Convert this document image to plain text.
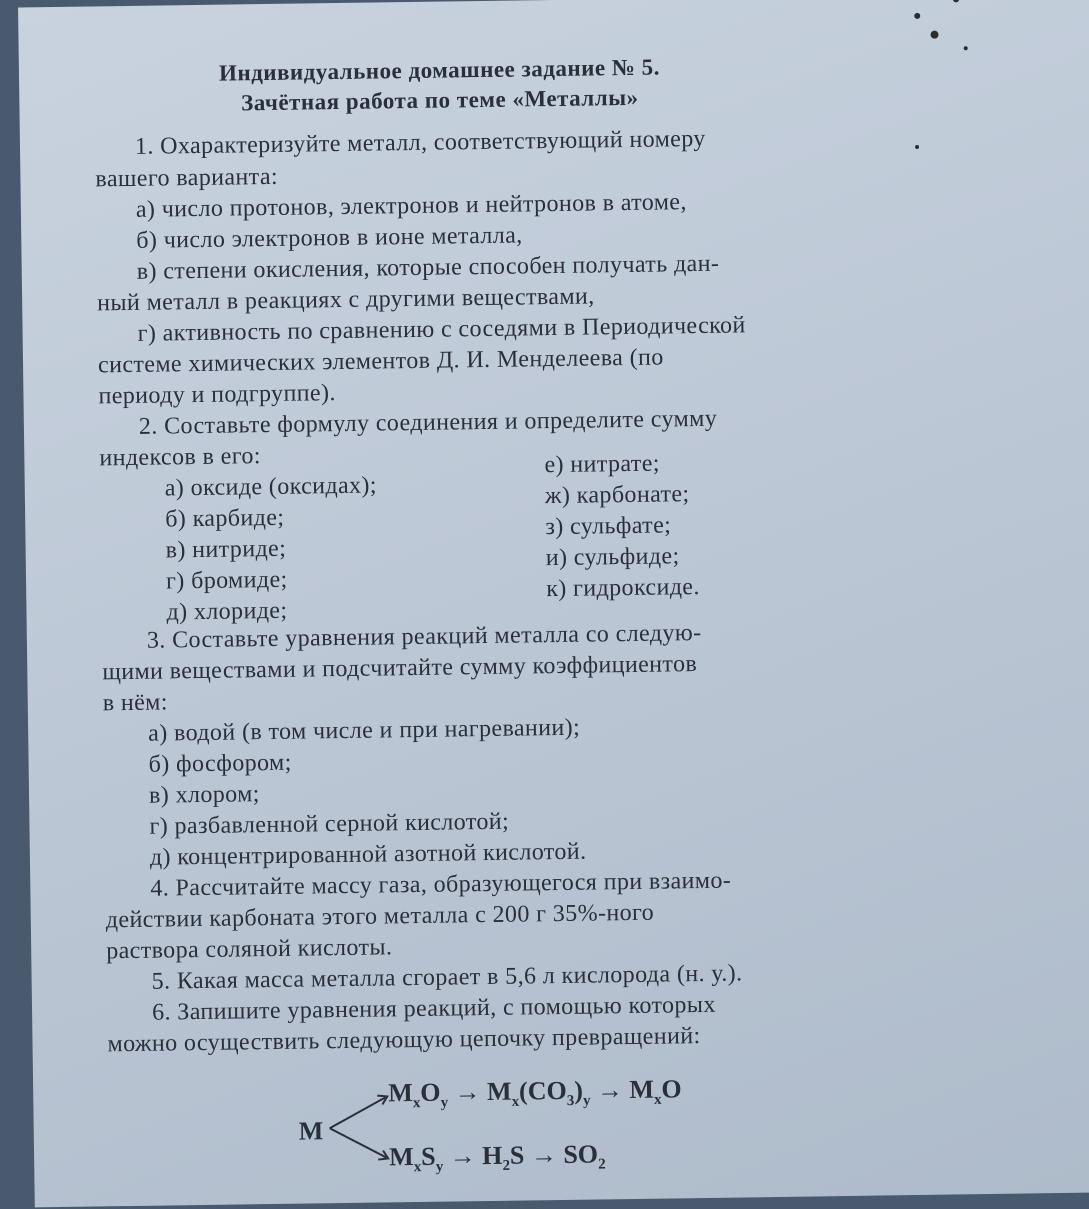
Индивидуальное домашнее задание № 5.
Зачётная работа по теме «Металлы»
1. Охарактеризуйте металл, соответствующий номеру
вашего варианта:
а) число протонов, электронов и нейтронов в атоме,
б) число электронов в ионе металла,
в) степени окисления, которые способен получать дан-
ный металл в реакциях с другими веществами,
г) активность по сравнению с соседями в Периодической
системе химических элементов Д. И. Менделеева (по
периоду и подгруппе).
2. Составьте формулу соединения и определите сумму
индексов в его:
а) оксиде (оксидах);
б) карбиде;
в) нитриде;
г) бромиде;
д) хлориде;
е) нитрате;
ж) карбонате;
з) сульфате;
и) сульфиде;
к) гидроксиде.
3. Составьте уравнения реакций металла со следую-
щими веществами и подсчитайте сумму коэффициентов
в нём:
а) водой (в том числе и при нагревании);
б) фосфором;
в) хлором;
г) разбавленной серной кислотой;
д) концентрированной азотной кислотой.
4. Рассчитайте массу газа, образующегося при взаимо-
действии карбоната этого металла с 200 г 35%-ного
раствора соляной кислоты.
5. Какая масса металла сгорает в 5,6 л кислорода (н. у.).
6. Запишите уравнения реакций, с помощью которых
можно осуществить следующую цепочку превращений:
M
$M_xO_y \to M_x(CO_3)_y \to M_xO$
$M_xS_y \to H_2S \to SO_2$
